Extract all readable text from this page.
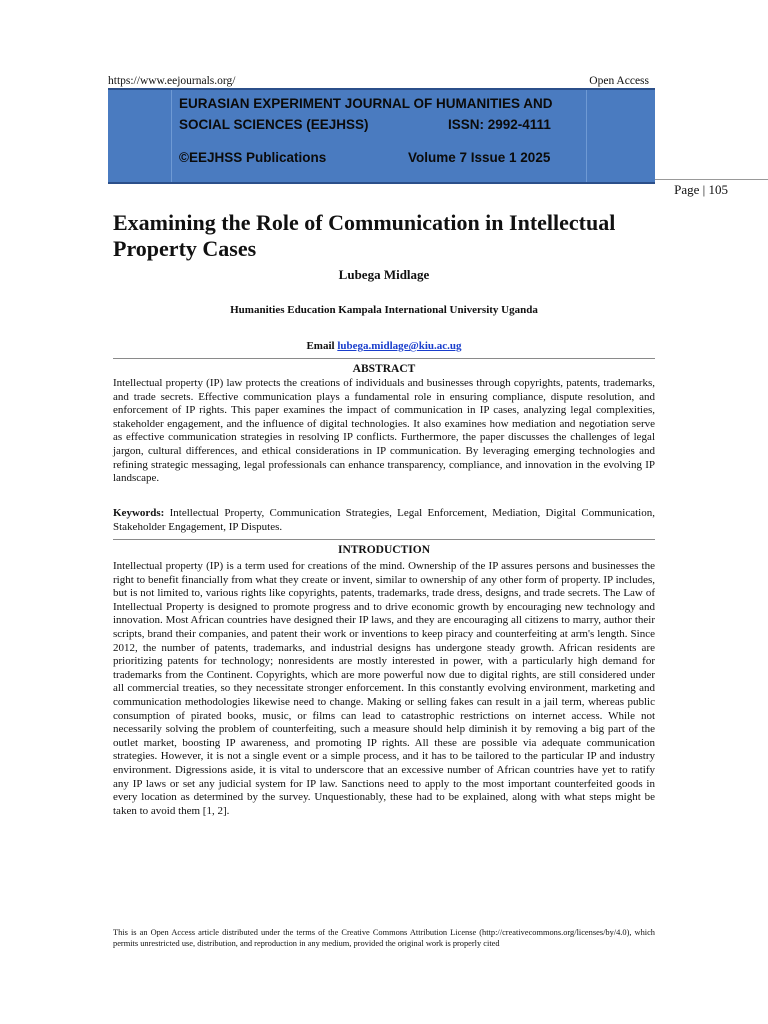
https://www.eejournals.org/	Open Access
EURASIAN EXPERIMENT JOURNAL OF HUMANITIES AND
SOCIAL SCIENCES (EEJHSS)	ISSN: 2992-4111
©EEJHSS Publications	Volume 7 Issue 1 2025
Page | 105
Examining the Role of Communication in Intellectual Property Cases
Lubega Midlage
Humanities Education Kampala International University Uganda
Email lubega.midlage@kiu.ac.ug
ABSTRACT
Intellectual property (IP) law protects the creations of individuals and businesses through copyrights, patents, trademarks, and trade secrets. Effective communication plays a fundamental role in ensuring compliance, dispute resolution, and enforcement of IP rights. This paper examines the impact of communication in IP cases, analyzing legal complexities, stakeholder engagement, and the influence of digital technologies. It also examines how mediation and negotiation serve as effective communication strategies in resolving IP conflicts. Furthermore, the paper discusses the challenges of legal jargon, cultural differences, and ethical considerations in IP communication. By leveraging emerging technologies and refining strategic messaging, legal professionals can enhance transparency, compliance, and innovation in the evolving IP landscape.
Keywords: Intellectual Property, Communication Strategies, Legal Enforcement, Mediation, Digital Communication, Stakeholder Engagement, IP Disputes.
INTRODUCTION
Intellectual property (IP) is a term used for creations of the mind. Ownership of the IP assures persons and businesses the right to benefit financially from what they create or invent, similar to ownership of any other form of property. IP includes, but is not limited to, various rights like copyrights, patents, trademarks, trade dress, designs, and trade secrets. The Law of Intellectual Property is designed to promote progress and to drive economic growth by encouraging new technology and innovation. Most African countries have designed their IP laws, and they are encouraging all citizens to marry, author their scripts, brand their companies, and patent their work or inventions to keep piracy and counterfeiting at arm's length. Since 2012, the number of patents, trademarks, and industrial designs has undergone steady growth. African residents are prioritizing patents for technology; nonresidents are mostly interested in power, with a particularly high demand for trademarks from the Continent. Copyrights, which are more powerful now due to digital rights, are still considered under all commercial treaties, so they necessitate stronger enforcement. In this constantly evolving environment, marketing and communication methodologies likewise need to change. Making or selling fakes can result in a jail term, whereas public consumption of pirated books, music, or films can lead to catastrophic restrictions on internet access. While not necessarily solving the problem of counterfeiting, such a measure should help diminish it by removing a big part of the outlet market, boosting IP awareness, and promoting IP rights. All these are possible via adequate communication strategies. However, it is not a single event or a simple process, and it has to be tailored to the particular IP and industry environment. Digressions aside, it is vital to underscore that an excessive number of African countries have yet to ratify any IP laws or set any judicial system for IP law. Sanctions need to apply to the most important counterfeited goods in every location as determined by the survey. Unquestionably, these had to be explained, along with what steps might be taken to avoid them [1, 2].
This is an Open Access article distributed under the terms of the Creative Commons Attribution License (http://creativecommons.org/licenses/by/4.0), which permits unrestricted use, distribution, and reproduction in any medium, provided the original work is properly cited
